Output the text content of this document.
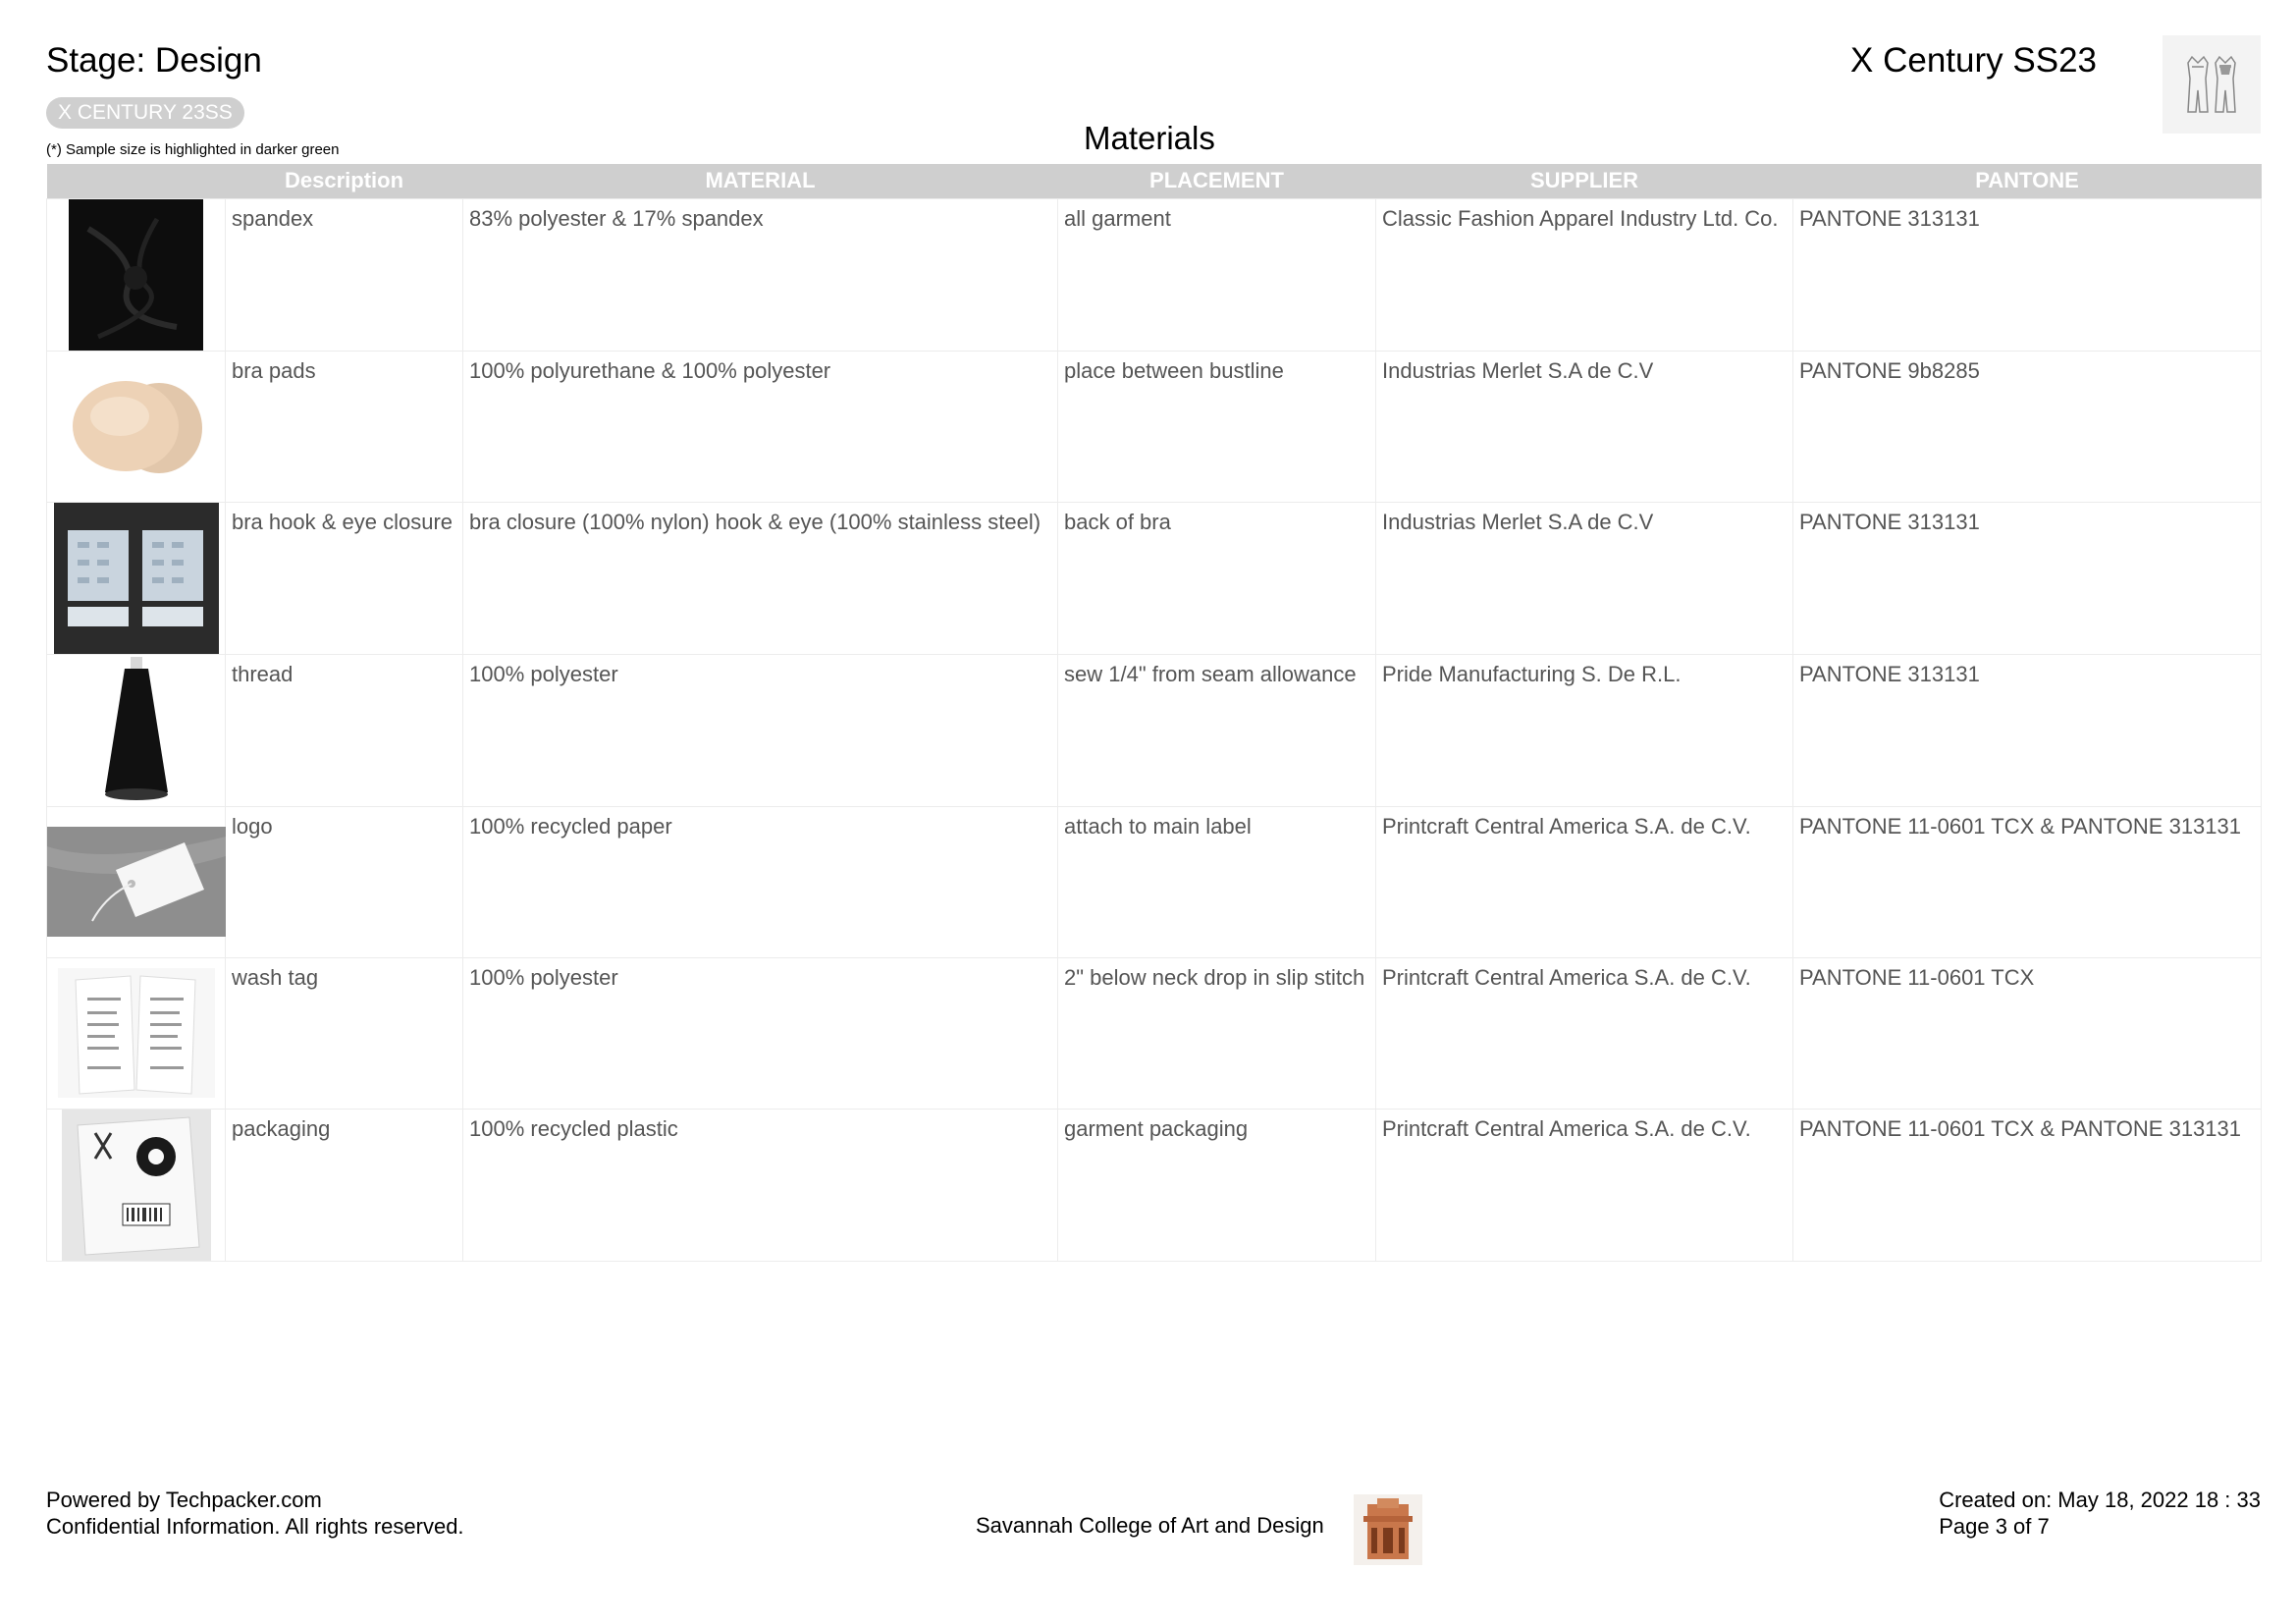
Stage: Design	X Century SS23
X CENTURY 23SS
(*) Sample size is highlighted in darker green	Materials
	Description	MATERIAL	PLACEMENT	SUPPLIER	PANTONE

	spandex	83% polyester & 17% spandex	all garment	Classic Fashion Apparel Industry Ltd. Co.	PANTONE 313131

	bra pads	100% polyurethane & 100% polyester	place between bustline	Industrias Merlet S.A de C.V	PANTONE 9b8285

	bra hook & eye closure	bra closure (100% nylon) hook & eye (100% stainless steel)	back of bra	Industrias Merlet S.A de C.V	PANTONE 313131

	thread	100% polyester	sew 1/4" from seam allowance	Pride Manufacturing S. De R.L.	PANTONE 313131

	logo	100% recycled paper	attach to main label	Printcraft Central America S.A. de C.V.	PANTONE 11-0601 TCX & PANTONE 313131

	wash tag	100% polyester	2" below neck drop in slip stitch	Printcraft Central America S.A. de C.V.	PANTONE 11-0601 TCX

	packaging	100% recycled plastic	garment packaging	Printcraft Central America S.A. de C.V.	PANTONE 11-0601 TCX & PANTONE 313131
Powered by Techpacker.com
Confidential Information. All rights reserved.	Savannah College of Art and Design
Created on: May 18, 2022 18 : 33
Page 3 of 7
